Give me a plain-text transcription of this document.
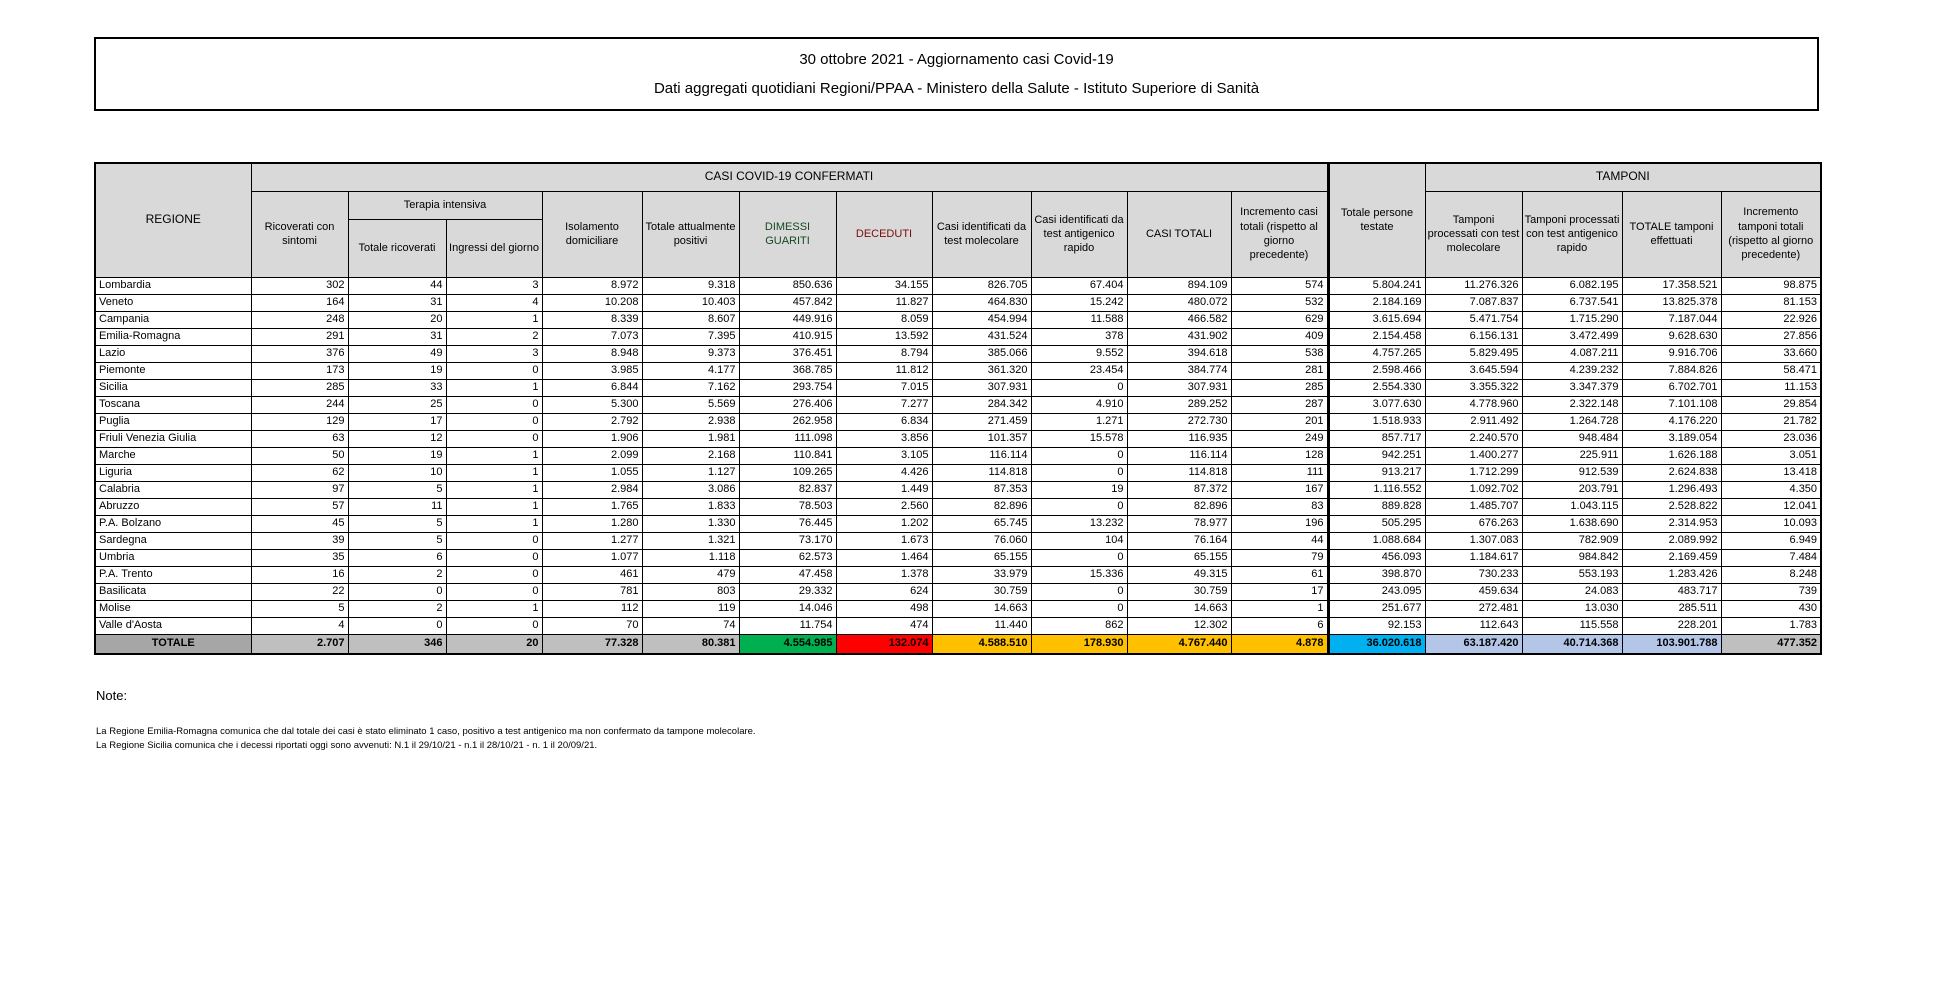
30 ottobre 2021 - Aggiornamento casi Covid-19
Dati aggregati quotidiani Regioni/PPAA - Ministero della Salute - Istituto Superiore di Sanità
REGIONE	CASI COVID-19 CONFERMATI											Totale persone testate	TAMPONI			
	Ricoverati con sintomi	Terapia intensiva		Isolamento domiciliare	Totale attualmente positivi	DIMESSI GUARITI	DECEDUTI	Casi identificati da test molecolare	Casi identificati da test antigenico rapido	CASI TOTALI	Incremento casi totali (rispetto al giorno precedente)		Tamponi processati con test molecolare	Tamponi processati con test antigenico rapido	TOTALE tamponi effettuati	Incremento tamponi totali (rispetto al giorno precedente)
		Totale ricoverati	Ingressi del giorno													
Lombardia	302	44	3	8.972	9.318	850.636	34.155	826.705	67.404	894.109	574	5.804.241	11.276.326	6.082.195	17.358.521	98.875
Veneto	164	31	4	10.208	10.403	457.842	11.827	464.830	15.242	480.072	532	2.184.169	7.087.837	6.737.541	13.825.378	81.153
Campania	248	20	1	8.339	8.607	449.916	8.059	454.994	11.588	466.582	629	3.615.694	5.471.754	1.715.290	7.187.044	22.926
Emilia-Romagna	291	31	2	7.073	7.395	410.915	13.592	431.524	378	431.902	409	2.154.458	6.156.131	3.472.499	9.628.630	27.856
Lazio	376	49	3	8.948	9.373	376.451	8.794	385.066	9.552	394.618	538	4.757.265	5.829.495	4.087.211	9.916.706	33.660
Piemonte	173	19	0	3.985	4.177	368.785	11.812	361.320	23.454	384.774	281	2.598.466	3.645.594	4.239.232	7.884.826	58.471
Sicilia	285	33	1	6.844	7.162	293.754	7.015	307.931	0	307.931	285	2.554.330	3.355.322	3.347.379	6.702.701	11.153
Toscana	244	25	0	5.300	5.569	276.406	7.277	284.342	4.910	289.252	287	3.077.630	4.778.960	2.322.148	7.101.108	29.854
Puglia	129	17	0	2.792	2.938	262.958	6.834	271.459	1.271	272.730	201	1.518.933	2.911.492	1.264.728	4.176.220	21.782
Friuli Venezia Giulia	63	12	0	1.906	1.981	111.098	3.856	101.357	15.578	116.935	249	857.717	2.240.570	948.484	3.189.054	23.036
Marche	50	19	1	2.099	2.168	110.841	3.105	116.114	0	116.114	128	942.251	1.400.277	225.911	1.626.188	3.051
Liguria	62	10	1	1.055	1.127	109.265	4.426	114.818	0	114.818	111	913.217	1.712.299	912.539	2.624.838	13.418
Calabria	97	5	1	2.984	3.086	82.837	1.449	87.353	19	87.372	167	1.116.552	1.092.702	203.791	1.296.493	4.350
Abruzzo	57	11	1	1.765	1.833	78.503	2.560	82.896	0	82.896	83	889.828	1.485.707	1.043.115	2.528.822	12.041
P.A. Bolzano	45	5	1	1.280	1.330	76.445	1.202	65.745	13.232	78.977	196	505.295	676.263	1.638.690	2.314.953	10.093
Sardegna	39	5	0	1.277	1.321	73.170	1.673	76.060	104	76.164	44	1.088.684	1.307.083	782.909	2.089.992	6.949
Umbria	35	6	0	1.077	1.118	62.573	1.464	65.155	0	65.155	79	456.093	1.184.617	984.842	2.169.459	7.484
P.A. Trento	16	2	0	461	479	47.458	1.378	33.979	15.336	49.315	61	398.870	730.233	553.193	1.283.426	8.248
Basilicata	22	0	0	781	803	29.332	624	30.759	0	30.759	17	243.095	459.634	24.083	483.717	739
Molise	5	2	1	112	119	14.046	498	14.663	0	14.663	1	251.677	272.481	13.030	285.511	430
Valle d'Aosta	4	0	0	70	74	11.754	474	11.440	862	12.302	6	92.153	112.643	115.558	228.201	1.783
TOTALE	2.707	346	20	77.328	80.381	4.554.985	132.074	4.588.510	178.930	4.767.440	4.878	36.020.618	63.187.420	40.714.368	103.901.788	477.352
Note:
La Regione Emilia-Romagna comunica che dal totale dei casi è stato eliminato 1 caso, positivo a test antigenico ma non confermato da tampone molecolare.
La Regione Sicilia comunica che i decessi riportati oggi sono avvenuti: N.1 il 29/10/21 - n.1 il 28/10/21 - n. 1 il 20/09/21.
